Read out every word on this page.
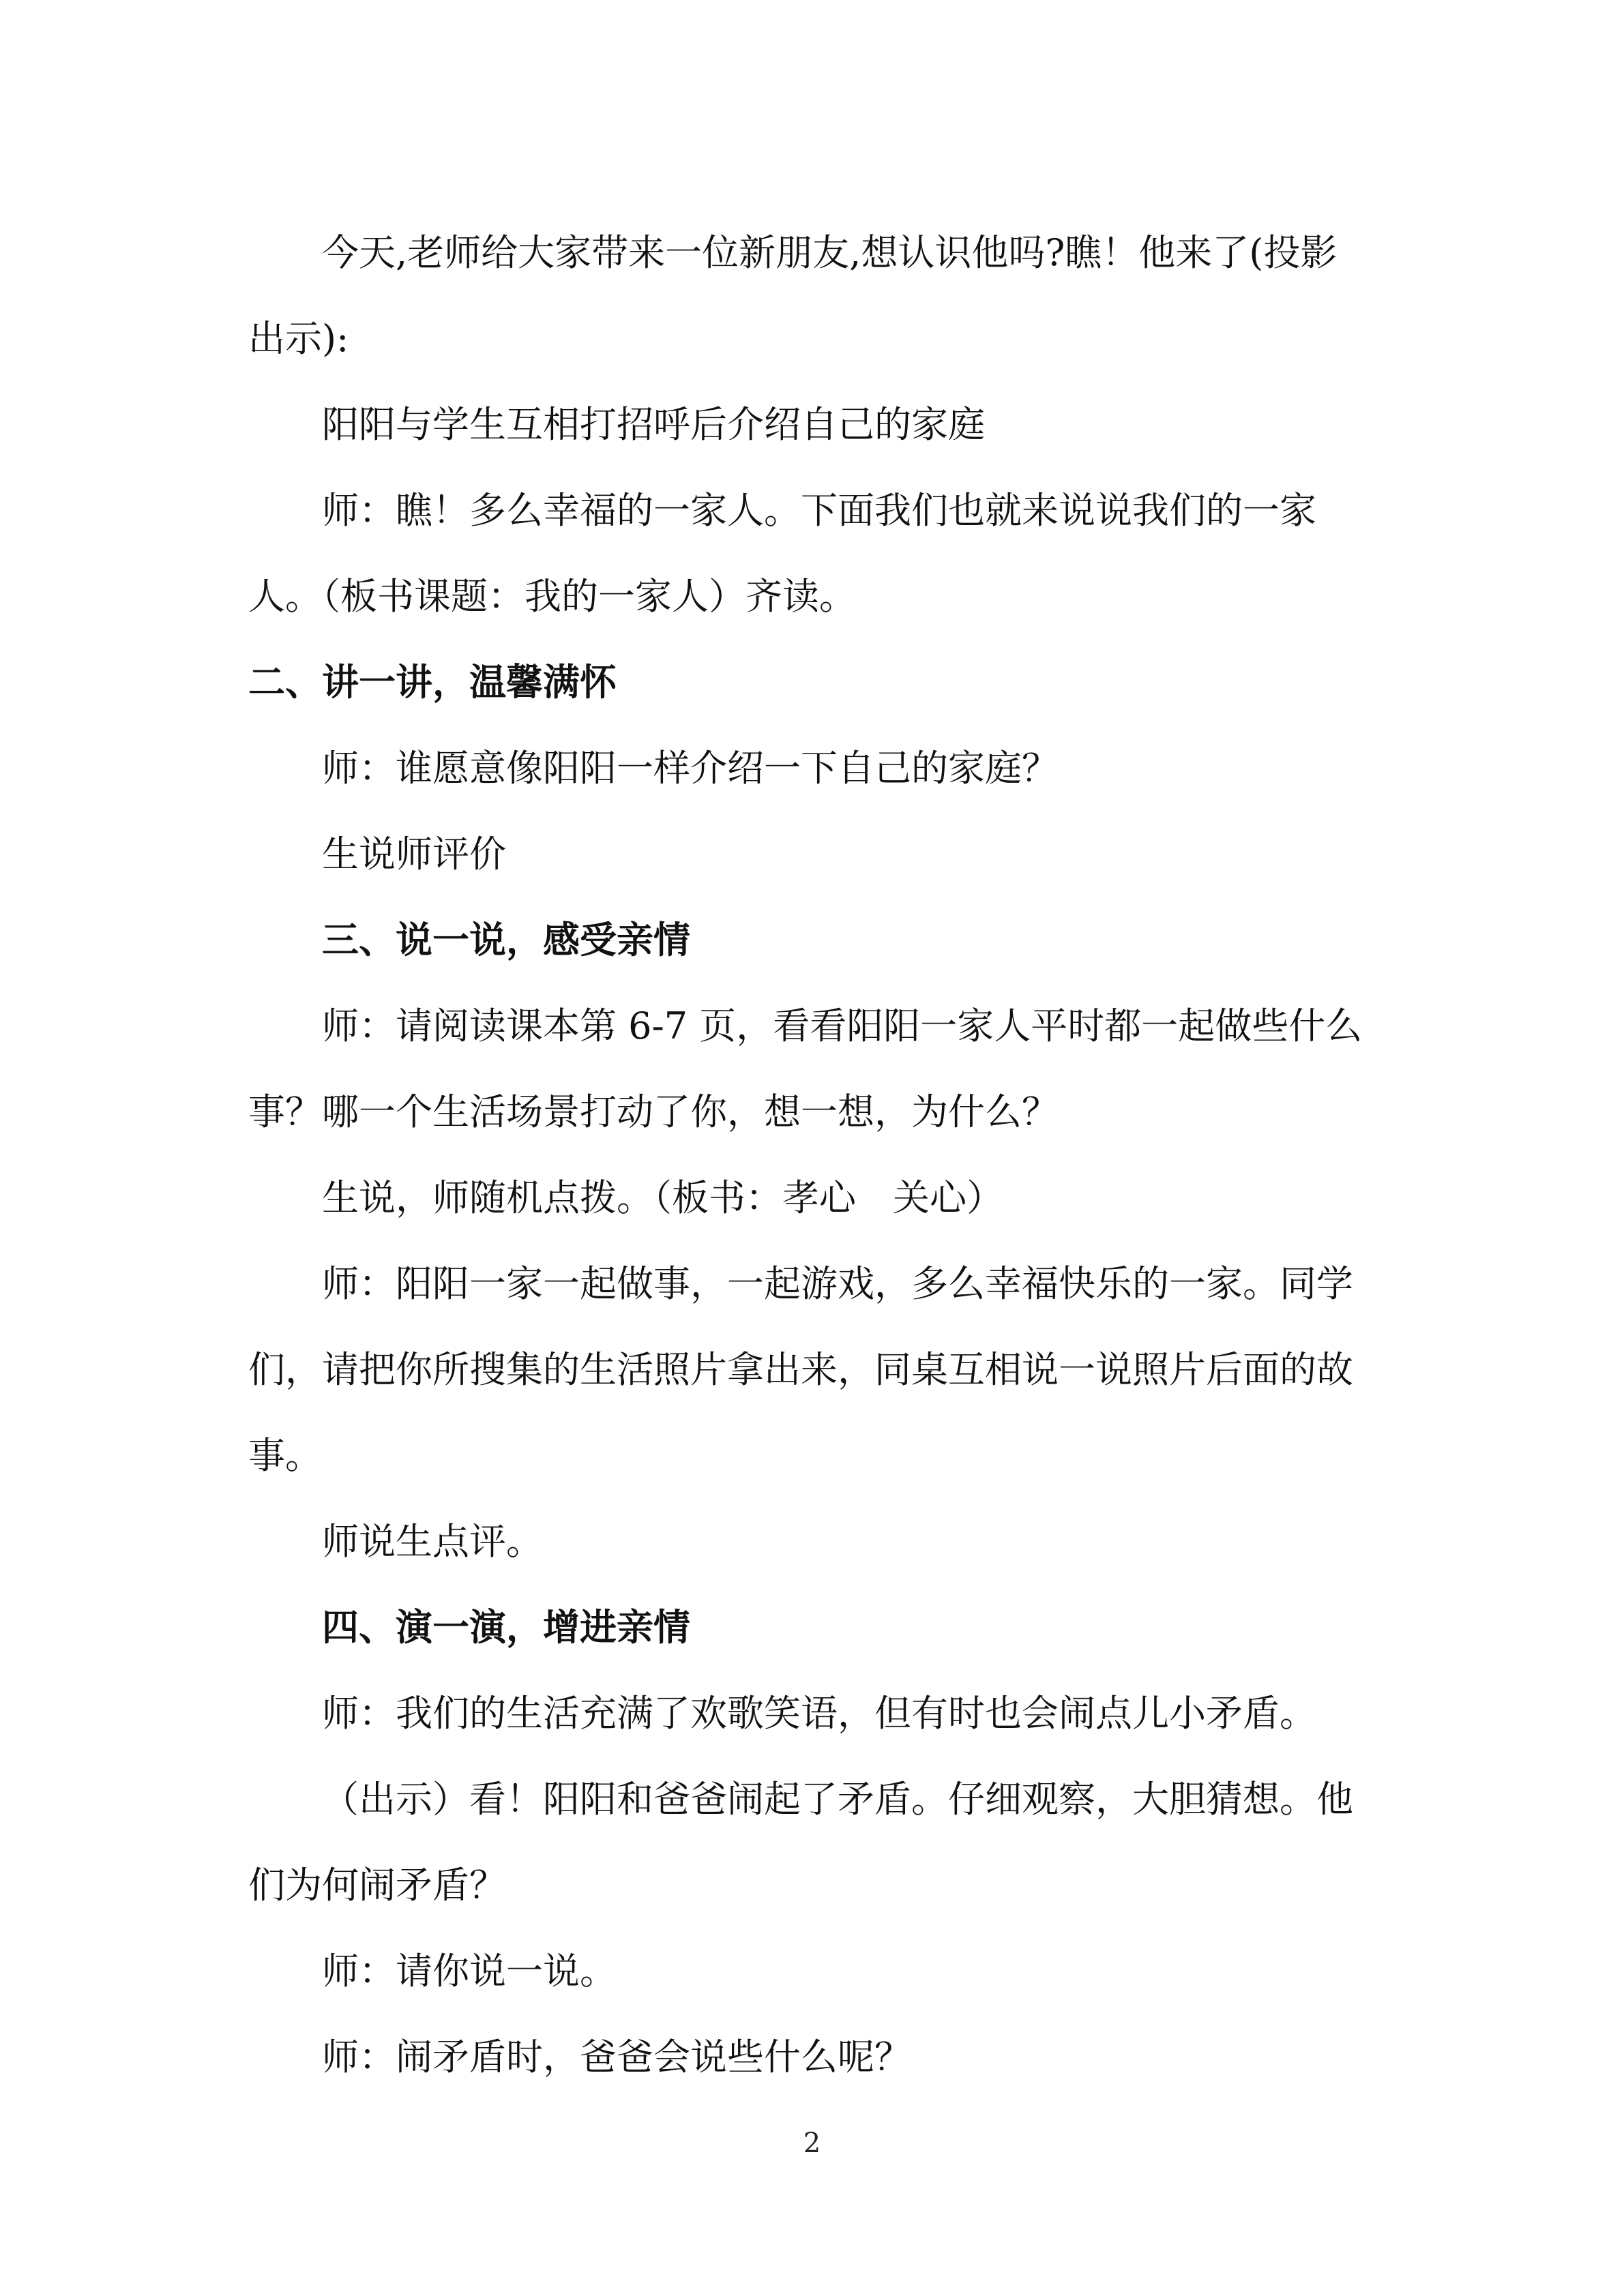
今天,老师给大家带来一位新朋友,想认识他吗?瞧！他来了(投影出示):

阳阳与学生互相打招呼后介绍自己的家庭

师：瞧！多么幸福的一家人。下面我们也就来说说我们的一家人。（板书课题：我的一家人）齐读。

二、讲一讲，温馨满怀

师：谁愿意像阳阳一样介绍一下自己的家庭？

生说师评价

三、说一说，感受亲情

师：请阅读课本第 6-7 页，看看阳阳一家人平时都一起做些什么事？哪一个生活场景打动了你，想一想，为什么？

生说，师随机点拨。（板书：孝心　关心）

师：阳阳一家一起做事，一起游戏，多么幸福快乐的一家。同学们，请把你所搜集的生活照片拿出来，同桌互相说一说照片后面的故事。

师说生点评。

四、演一演，增进亲情

师：我们的生活充满了欢歌笑语，但有时也会闹点儿小矛盾。

（出示）看！阳阳和爸爸闹起了矛盾。仔细观察，大胆猜想。他们为何闹矛盾？

师：请你说一说。

师：闹矛盾时，爸爸会说些什么呢？

2
